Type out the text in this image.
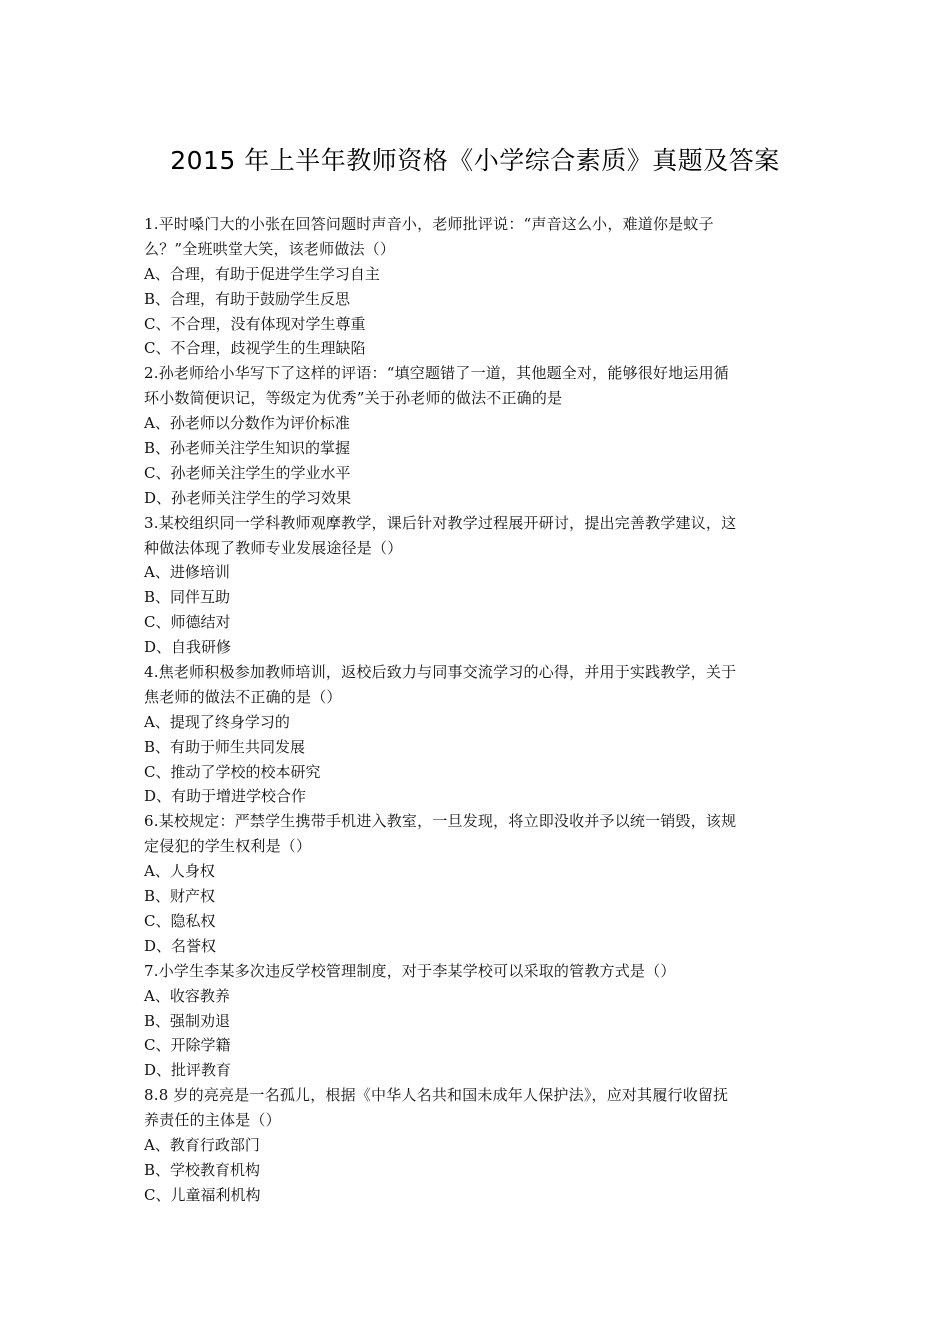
2015 年上半年教师资格《小学综合素质》真题及答案

1.平时嗓门大的小张在回答问题时声音小，老师批评说：“声音这么小，难道你是蚊子

么？”全班哄堂大笑，该老师做法（）

A、合理，有助于促进学生学习自主

B、合理，有助于鼓励学生反思

C、不合理，没有体现对学生尊重

C、不合理，歧视学生的生理缺陷

2.孙老师给小华写下了这样的评语：“填空题错了一道，其他题全对，能够很好地运用循

环小数简便识记，等级定为优秀”关于孙老师的做法不正确的是

A、孙老师以分数作为评价标准

B、孙老师关注学生知识的掌握

C、孙老师关注学生的学业水平

D、孙老师关注学生的学习效果

3.某校组织同一学科教师观摩教学，课后针对教学过程展开研讨，提出完善教学建议，这

种做法体现了教师专业发展途径是（）

A、进修培训

B、同伴互助

C、师德结对

D、自我研修

4.焦老师积极参加教师培训，返校后致力与同事交流学习的心得，并用于实践教学，关于

焦老师的做法不正确的是（）

A、提现了终身学习的

B、有助于师生共同发展

C、推动了学校的校本研究

D、有助于增进学校合作

6.某校规定：严禁学生携带手机进入教室，一旦发现，将立即没收并予以统一销毁，该规

定侵犯的学生权利是（）

A、人身权

B、财产权

C、隐私权

D、名誉权

7.小学生李某多次违反学校管理制度，对于李某学校可以采取的管教方式是（）

A、收容教养

B、强制劝退

C、开除学籍

D、批评教育

8.8 岁的亮亮是一名孤儿，根据《中华人名共和国未成年人保护法》，应对其履行收留抚

养责任的主体是（）

A、教育行政部门

B、学校教育机构

C、儿童福利机构
